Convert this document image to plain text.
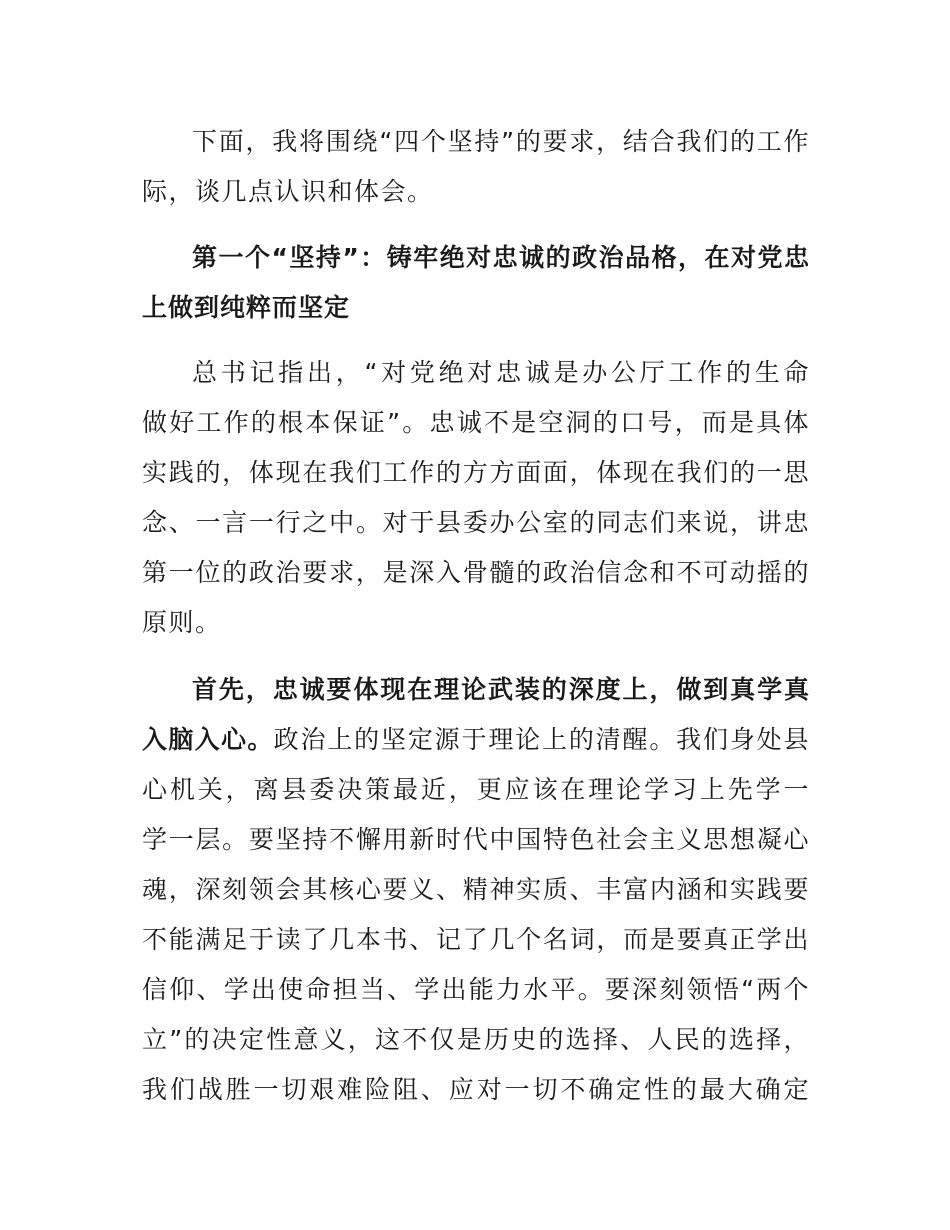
下面，我将围绕“四个坚持”的要求，结合我们的工作
际，谈几点认识和体会。
第一个“坚持”：铸牢绝对忠诚的政治品格，在对党忠
上做到纯粹而坚定
总书记指出，“对党绝对忠诚是办公厅工作的生命
做好工作的根本保证”。忠诚不是空洞的口号，而是具体
实践的，体现在我们工作的方方面面，体现在我们的一思
念、一言一行之中。对于县委办公室的同志们来说，讲忠
第一位的政治要求，是深入骨髓的政治信念和不可动摇的
原则。
首先，忠诚要体现在理论武装的深度上，做到真学真
入脑入心。政治上的坚定源于理论上的清醒。我们身处县
心机关，离县委决策最近，更应该在理论学习上先学一
学一层。要坚持不懈用新时代中国特色社会主义思想凝心
魂，深刻领会其核心要义、精神实质、丰富内涵和实践要
不能满足于读了几本书、记了几个名词，而是要真正学出
信仰、学出使命担当、学出能力水平。要深刻领悟“两个
立”的决定性意义，这不仅是历史的选择、人民的选择，
我们战胜一切艰难险阻、应对一切不确定性的最大确定
